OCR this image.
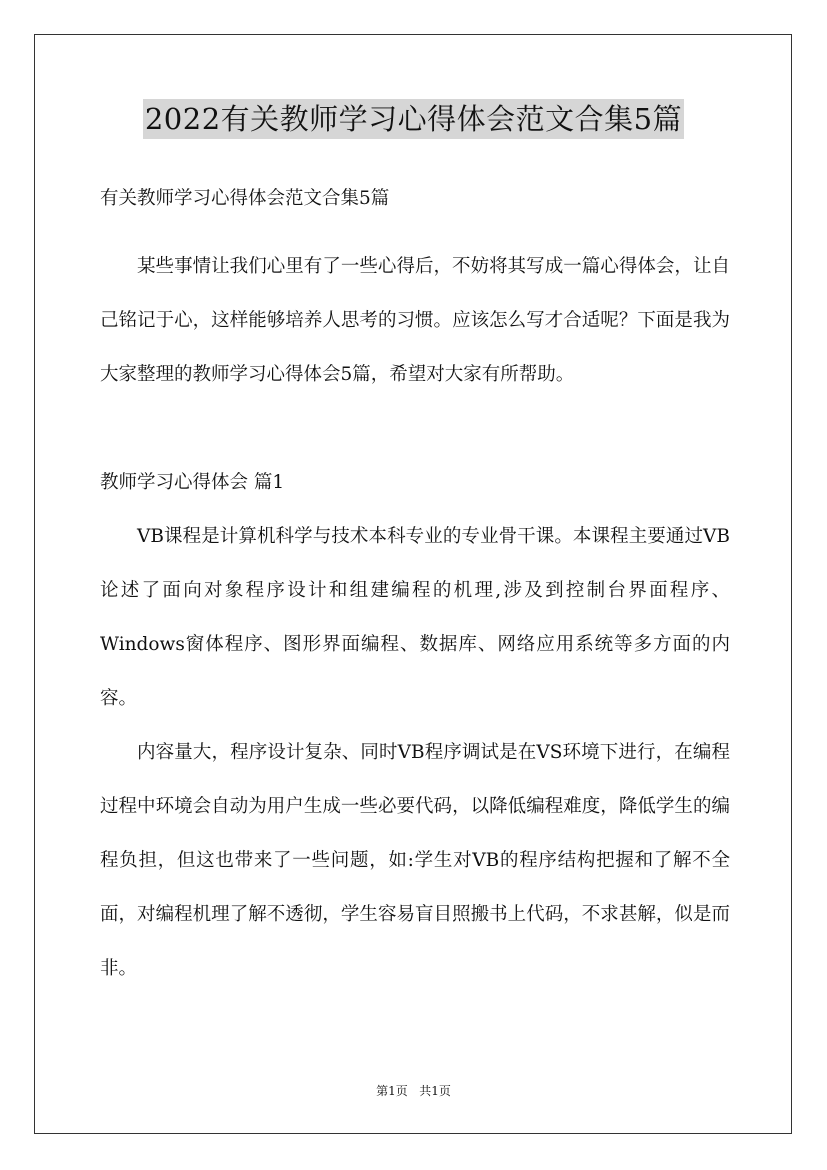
2022有关教师学习心得体会范文合集5篇

有关教师学习心得体会范文合集5篇

某些事情让我们心里有了一些心得后，不妨将其写成一篇心得体会，让自己铭记于心，这样能够培养人思考的习惯。应该怎么写才合适呢？下面是我为大家整理的教师学习心得体会5篇，希望对大家有所帮助。

教师学习心得体会 篇1

VB课程是计算机科学与技术本科专业的专业骨干课。本课程主要通过VB论述了面向对象程序设计和组建编程的机理,涉及到控制台界面程序、Windows窗体程序、图形界面编程、数据库、网络应用系统等多方面的内容。

内容量大，程序设计复杂、同时VB程序调试是在VS环境下进行，在编程过程中环境会自动为用户生成一些必要代码，以降低编程难度，降低学生的编程负担，但这也带来了一些问题，如:学生对VB的程序结构把握和了解不全面，对编程机理了解不透彻，学生容易盲目照搬书上代码，不求甚解，似是而非。

第1页   共1页
